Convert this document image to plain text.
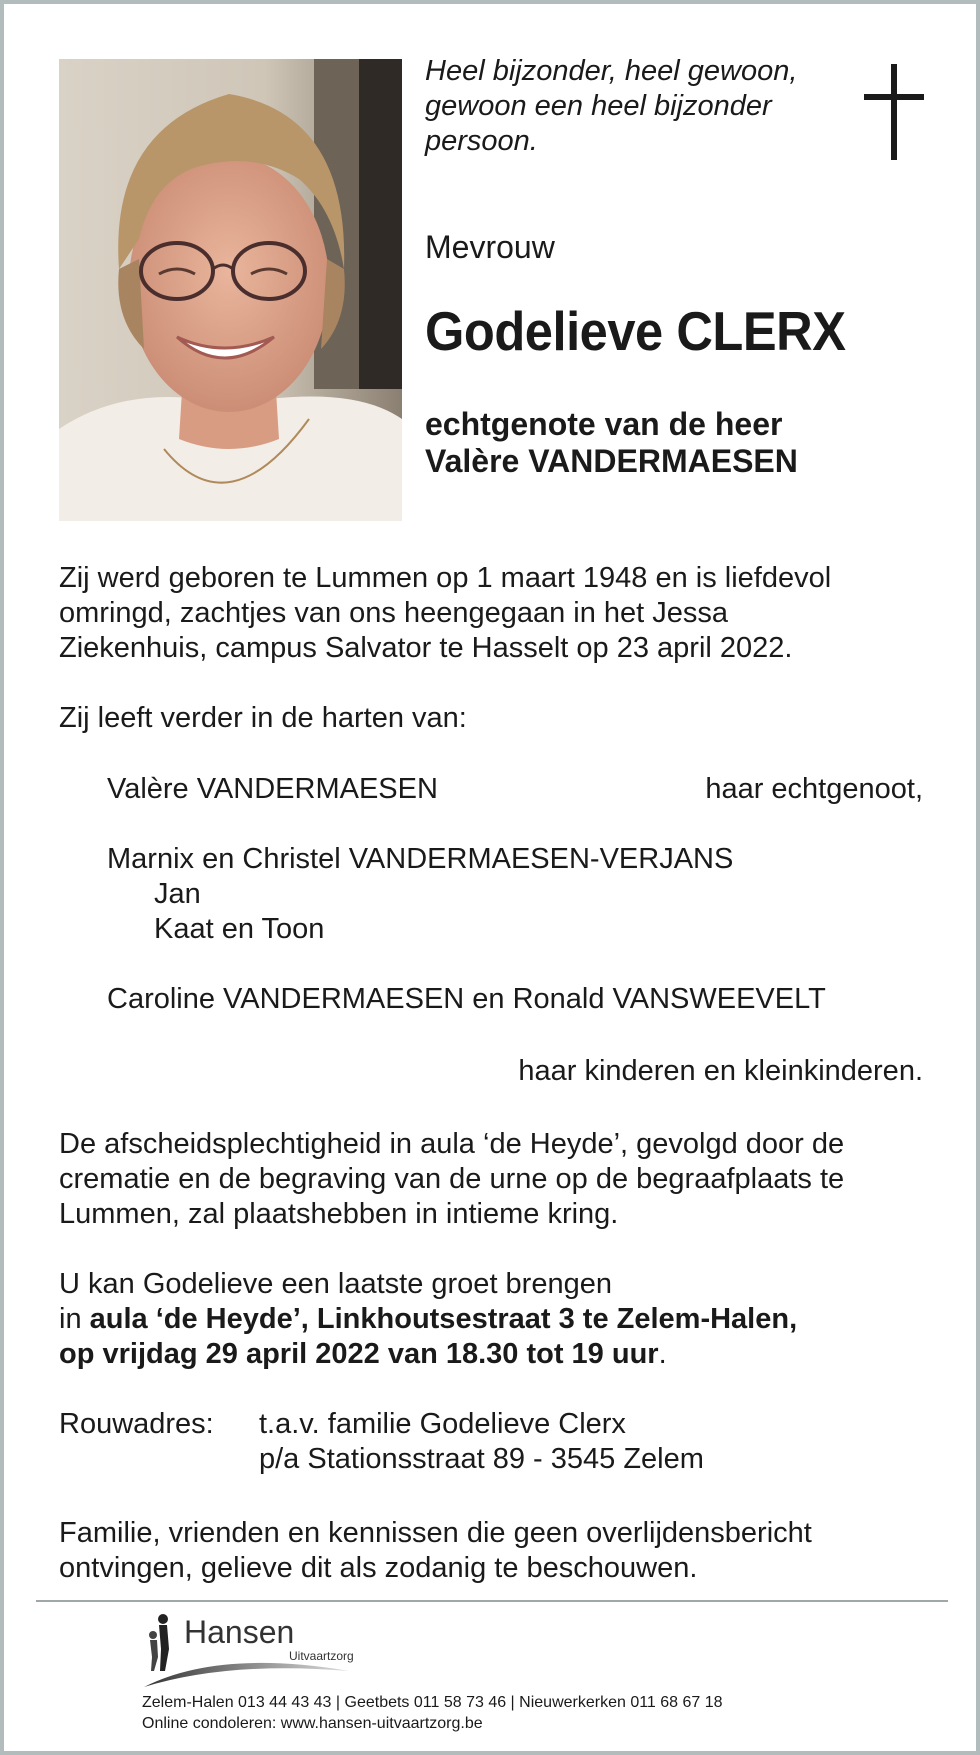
Heel bijzonder, heel gewoon,
gewoon een heel bijzonder
persoon.
Mevrouw
Godelieve CLERX
echtgenote van de heer
Valère VANDERMAESEN
Zij werd geboren te Lummen op 1 maart 1948 en is liefdevol
omringd, zachtjes van ons heengegaan in het Jessa
Ziekenhuis, campus Salvator te Hasselt op 23 april 2022.
Zij leeft verder in de harten van:
Valère VANDERMAESEN	haar echtgenoot,
Marnix en Christel VANDERMAESEN-VERJANS
Jan
Kaat en Toon
Caroline VANDERMAESEN en Ronald VANSWEEVELT
haar kinderen en kleinkinderen.
De afscheidsplechtigheid in aula ‘de Heyde’, gevolgd door de
crematie en de begraving van de urne op de begraafplaats te
Lummen, zal plaatshebben in intieme kring.
U kan Godelieve een laatste groet brengen
in aula ‘de Heyde’, Linkhoutsestraat 3 te Zelem-Halen,
op vrijdag 29 april 2022 van 18.30 tot 19 uur.
Rouwadres: t.a.v. familie Godelieve Clerx
p/a Stationsstraat 89 - 3545 Zelem
Familie, vrienden en kennissen die geen overlijdensbericht
ontvingen, gelieve dit als zodanig te beschouwen.
Hansen
Uitvaartzorg
Zelem-Halen 013 44 43 43 | Geetbets 011 58 73 46 | Nieuwerkerken 011 68 67 18
Online condoleren: www.hansen-uitvaartzorg.be
